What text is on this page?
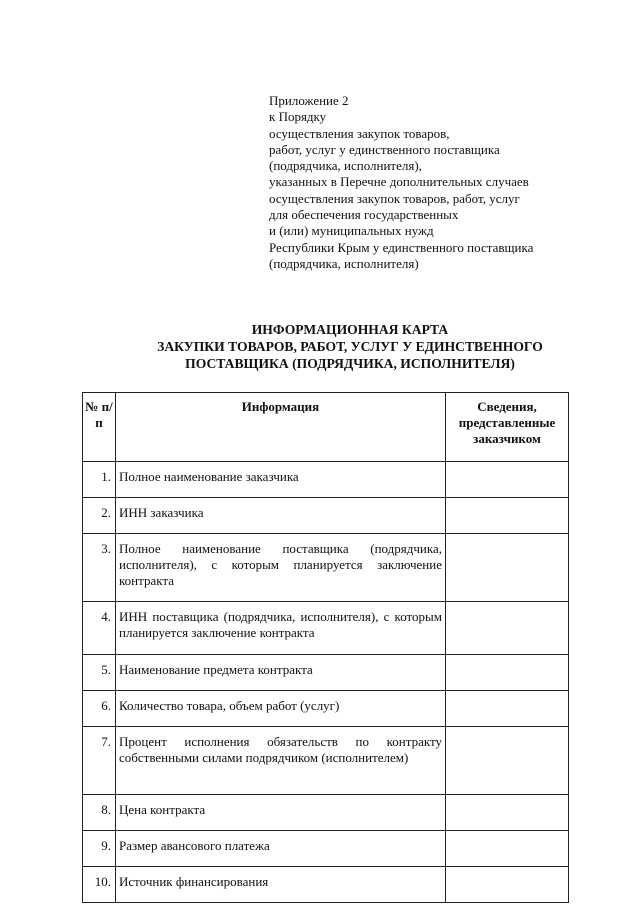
Приложение 2
к Порядку
осуществления закупок товаров,
работ, услуг у единственного поставщика
(подрядчика, исполнителя),
указанных в Перечне дополнительных случаев
осуществления закупок товаров, работ, услуг
для обеспечения государственных
и (или) муниципальных нужд
Республики Крым у единственного поставщика
(подрядчика, исполнителя)
ИНФОРМАЦИОННАЯ КАРТА
ЗАКУПКИ ТОВАРОВ, РАБОТ, УСЛУГ У ЕДИНСТВЕННОГО
ПОСТАВЩИКА (ПОДРЯДЧИКА, ИСПОЛНИТЕЛЯ)
№ п/п	Информация	Сведения, представленные заказчиком
1.	Полное наименование заказчика	
2.	ИНН заказчика	
3.	Полное наименование поставщика (подрядчика, исполнителя), с которым планируется заключение контракта	
4.	ИНН поставщика (подрядчика, исполнителя), с которым планируется заключение контракта	
5.	Наименование предмета контракта	
6.	Количество товара, объем работ (услуг)	
7.	Процент исполнения обязательств по контракту собственными силами подрядчиком (исполнителем)	
8.	Цена контракта	
9.	Размер авансового платежа	
10.	Источник финансирования	
